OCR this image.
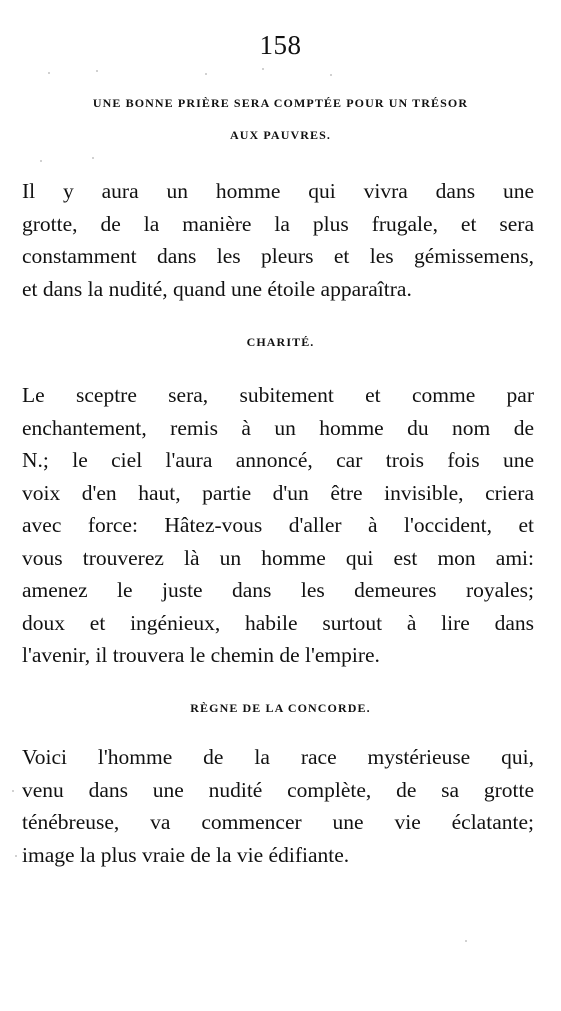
158
UNE BONNE PRIÈRE SERA COMPTÉE POUR UN TRÉSOR
AUX PAUVRES.
Il y aura un homme qui vivra dans une
grotte, de la manière la plus frugale, et sera
constamment dans les pleurs et les gémissemens,
et dans la nudité, quand une étoile apparaîtra.
CHARITÉ.
Le sceptre sera, subitement et comme par
enchantement, remis à un homme du nom de
N.; le ciel l'aura annoncé, car trois fois une
voix d'en haut, partie d'un être invisible, criera
avec force: Hâtez-vous d'aller à l'occident, et
vous trouverez là un homme qui est mon ami:
amenez le juste dans les demeures royales;
doux et ingénieux, habile surtout à lire dans
l'avenir, il trouvera le chemin de l'empire.
RÈGNE DE LA CONCORDE.
Voici l'homme de la race mystérieuse qui,
venu dans une nudité complète, de sa grotte
ténébreuse, va commencer une vie éclatante;
image la plus vraie de la vie édifiante.
